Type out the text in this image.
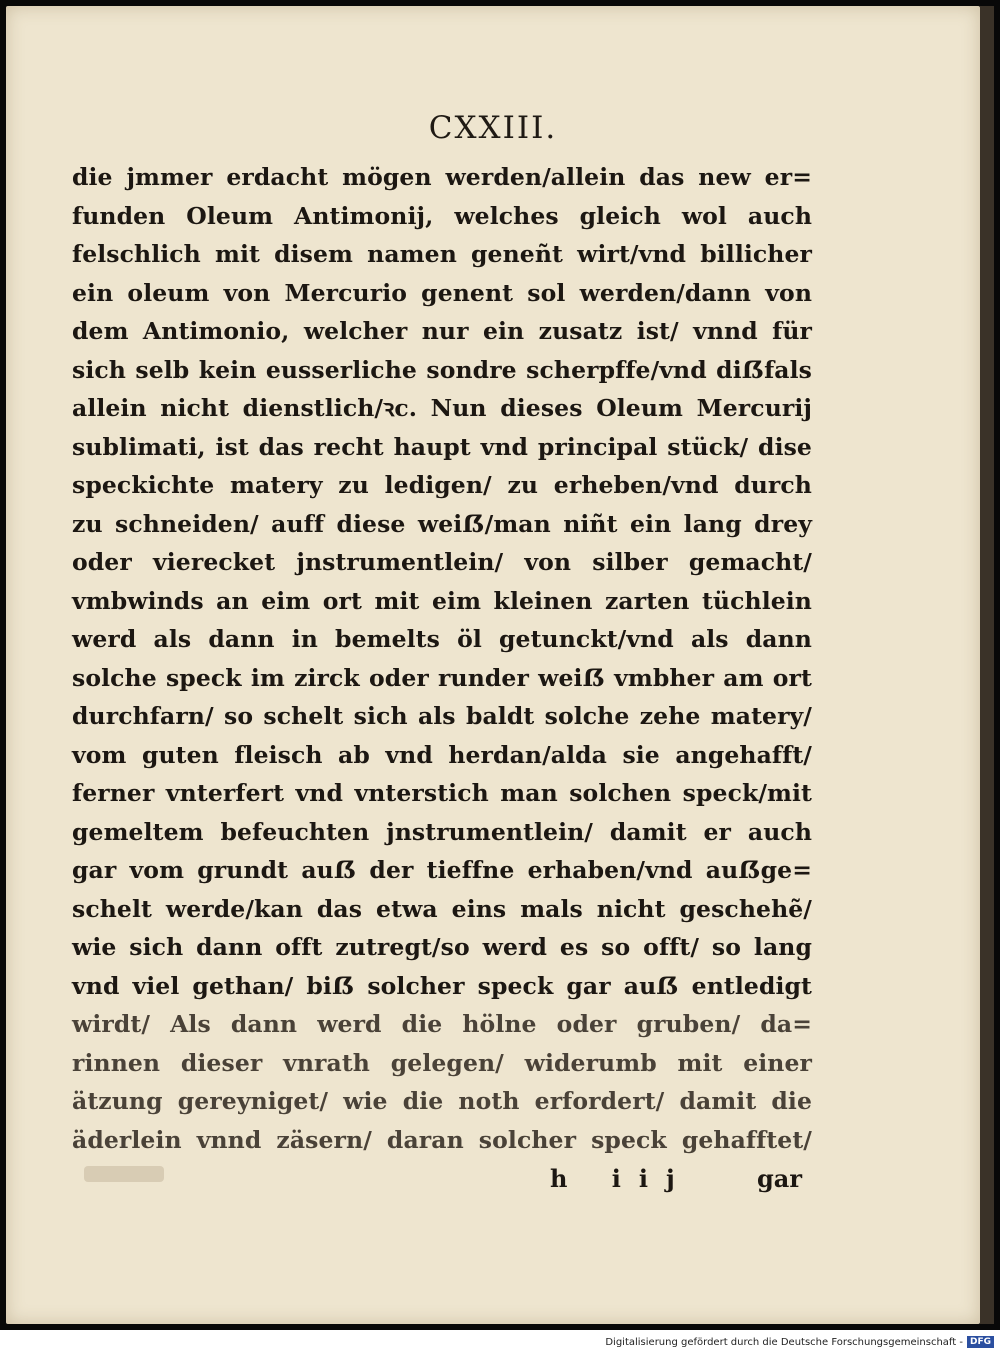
CXXIII.
die jmmer erdacht mögen werden/allein das new er=
funden Oleum Antimonij, welches gleich wol auch
felschlich mit disem namen geneñt wirt/vnd billicher
ein oleum von Mercurio genent sol werden/dann von
dem Antimonio, welcher nur ein zusatz ist/ vnnd für
sich selb kein eusserliche sondre scherpffe/vnd diẞfals
allein nicht dienstlich/ꝛc. Nun dieses Oleum Mercurij
sublimati, ist das recht haupt vnd principal stück/ dise
speckichte matery zu ledigen/ zu erheben/vnd durch
zu schneiden/ auff diese weiẞ/man niñt ein lang drey
oder vierecket jnstrumentlein/ von silber gemacht/
vmbwinds an eim ort mit eim kleinen zarten tüchlein
werd als dann in bemelts öl getunckt/vnd als dann
solche speck im zirck oder runder weiẞ vmbher am ort
durchfarn/ so schelt sich als baldt solche zehe matery/
vom guten fleisch ab vnd herdan/alda sie angehafft/
ferner vnterfert vnd vnterstich man solchen speck/mit
gemeltem befeuchten jnstrumentlein/ damit er auch
gar vom grundt auẞ der tieffne erhaben/vnd auẞge=
schelt werde/kan das etwa eins mals nicht geschehẽ/
wie sich dann offt zutregt/so werd es so offt/ so lang
vnd viel gethan/ biẞ solcher speck gar auẞ entledigt
wirdt/ Als dann werd die hölne oder gruben/ da=
rinnen dieser vnrath gelegen/ widerumb mit einer
ätzung gereyniget/ wie die noth erfordert/ damit die
äderlein vnnd zäsern/ daran solcher speck gehafftet/
h iij	gar
Digitalisierung gefördert durch die Deutsche Forschungsgemeinschaft - DFG
